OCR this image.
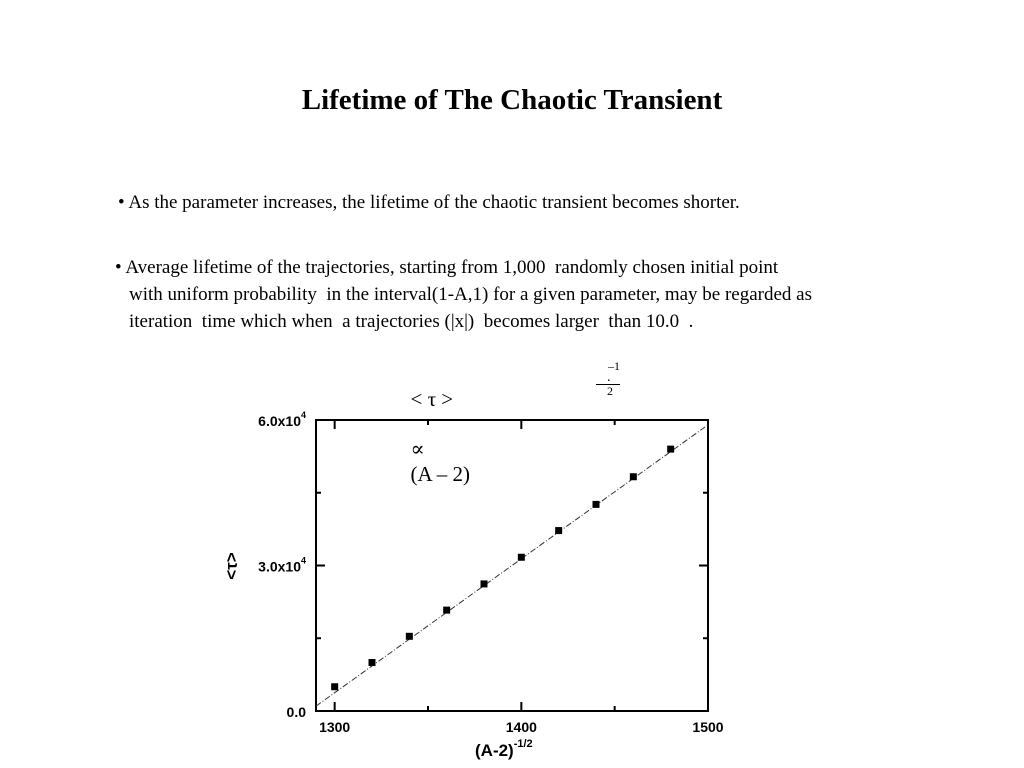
Lifetime of The Chaotic Transient
• As the parameter increases, the lifetime of the chaotic transient becomes shorter.
• Average lifetime of the trajectories, starting from 1,000  randomly chosen initial point
with uniform probability  in the interval(1-A,1) for a given parameter, may be regarded as
iteration  time which when  a trajectories (|x|)  becomes larger  than 10.0  .

< τ >

∝
(A – 2)

–1

2

.

1300	1400	1500
0.0
$3.0x10^4$
$6.0x10^4$
$(A-2)^{-1/2}$
<τ>
